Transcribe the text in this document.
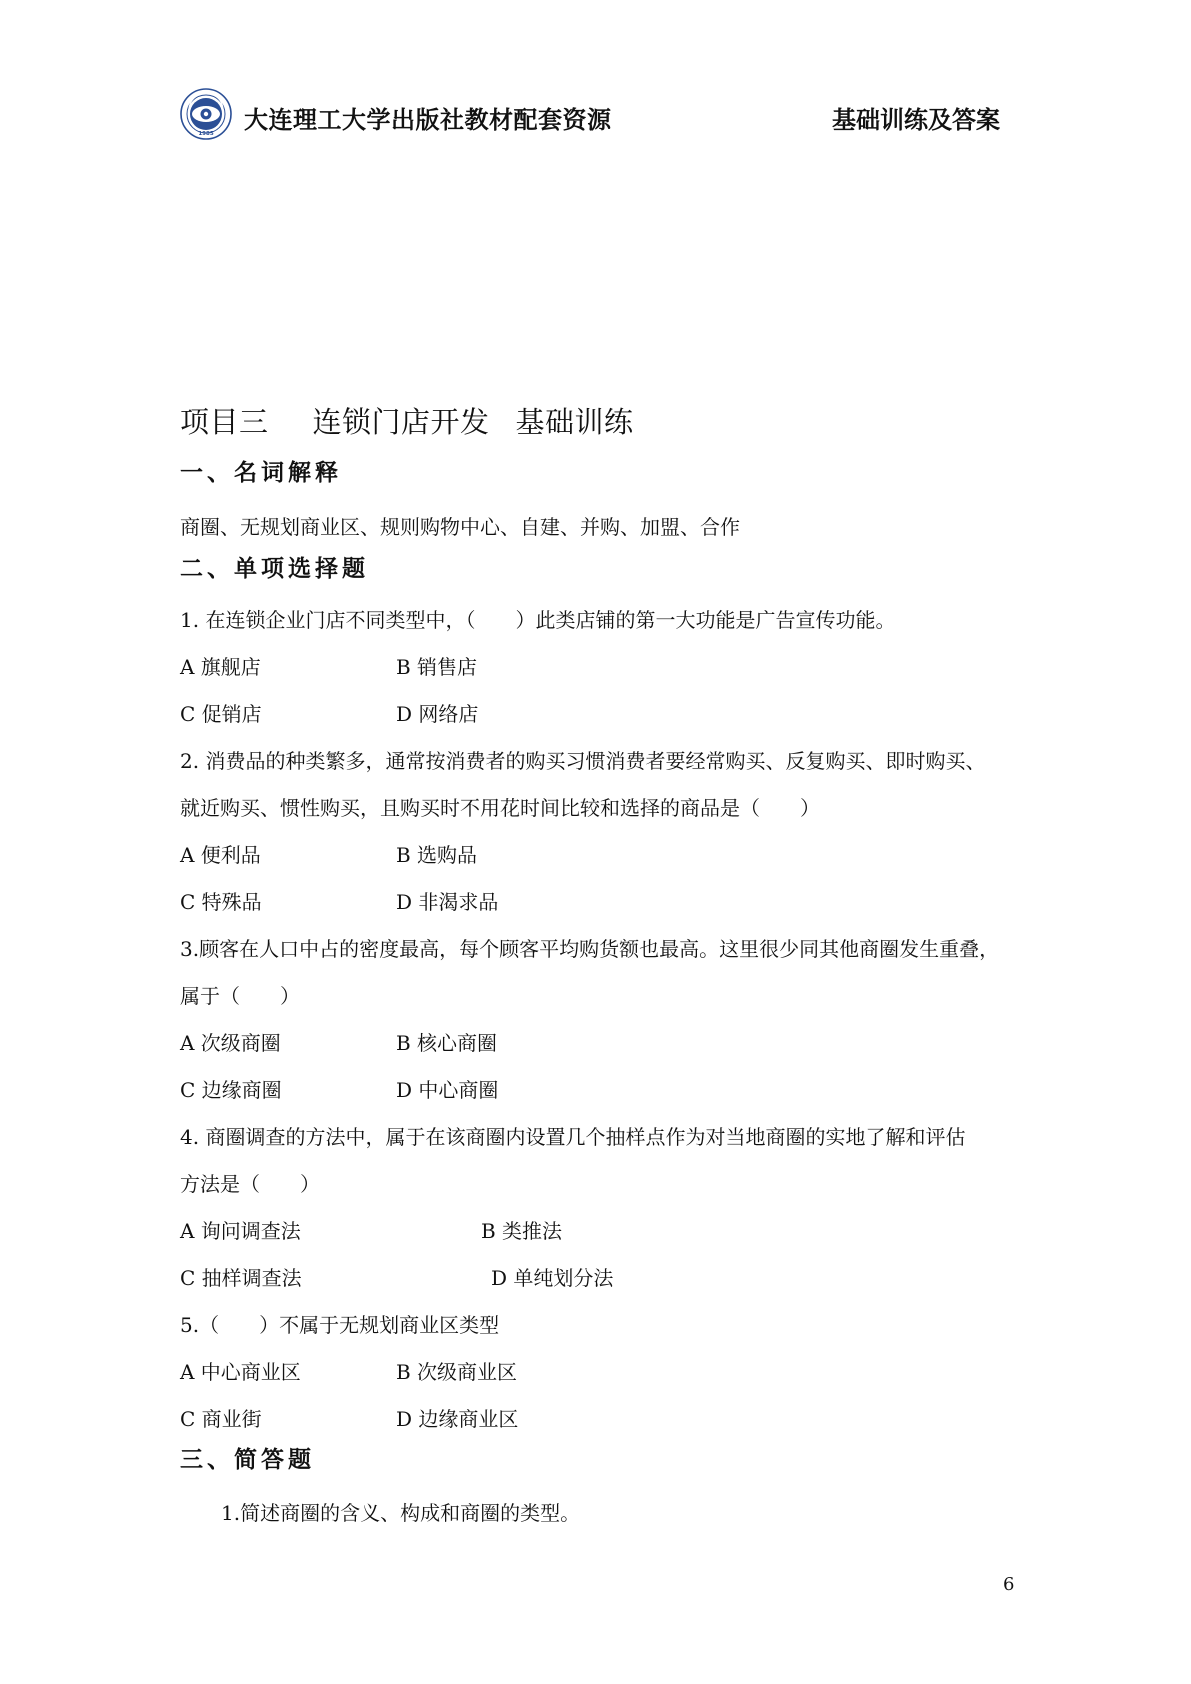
1985 大连理工大学出版社教材配套资源	基础训练及答案
项目三 连锁门店开发 基础训练
一、名词解释
商圈、无规划商业区、规则购物中心、自建、并购、加盟、合作
二、单项选择题
1. 在连锁企业门店不同类型中，（　　）此类店铺的第一大功能是广告宣传功能。
A 旗舰店	B 销售店
C 促销店	D 网络店
2. 消费品的种类繁多，通常按消费者的购买习惯消费者要经常购买、反复购买、即时购买、
就近购买、惯性购买，且购买时不用花时间比较和选择的商品是（　　）
A 便利品	B 选购品
C 特殊品	D 非渴求品
3.顾客在人口中占的密度最高，每个顾客平均购货额也最高。这里很少同其他商圈发生重叠，
属于（　　）
A 次级商圈	B 核心商圈
C 边缘商圈	D 中心商圈
4. 商圈调查的方法中，属于在该商圈内设置几个抽样点作为对当地商圈的实地了解和评估
方法是（　　）
A 询问调查法	B 类推法
C 抽样调查法	D 单纯划分法
5.（　　）不属于无规划商业区类型
A 中心商业区	B 次级商业区
C 商业街	D 边缘商业区
三、简答题
1.简述商圈的含义、构成和商圈的类型。
6
